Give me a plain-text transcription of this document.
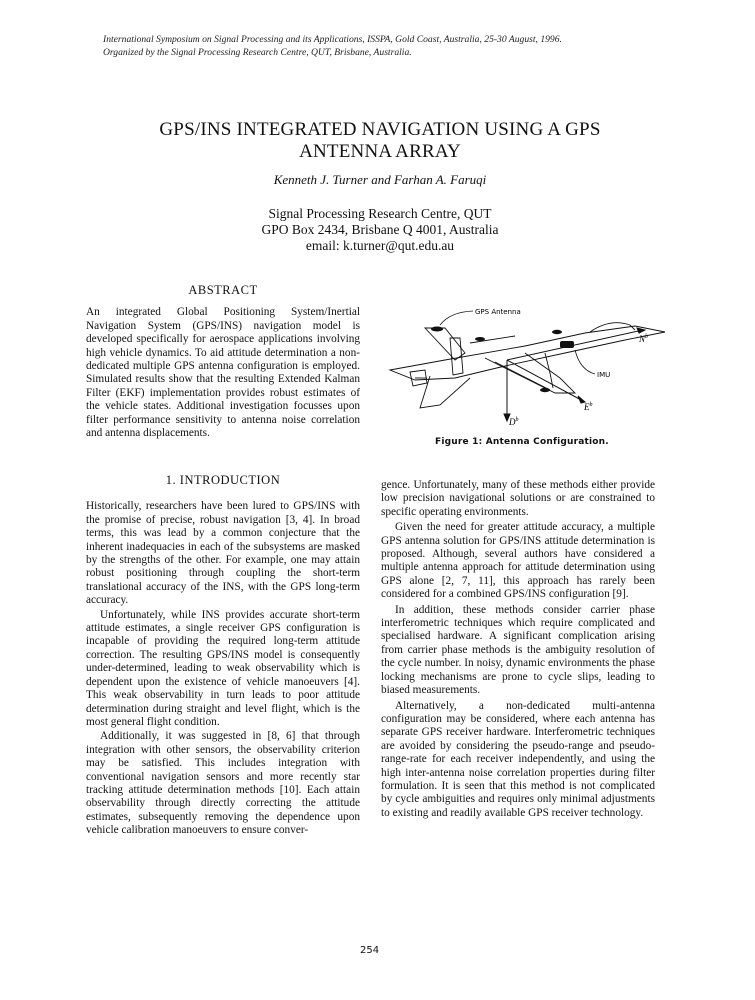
International Symposium on Signal Processing and its Applications, ISSPA, Gold Coast, Australia, 25-30 August, 1996.
Organized by the Signal Processing Research Centre, QUT, Brisbane, Australia.
GPS/INS INTEGRATED NAVIGATION USING A GPS
ANTENNA ARRAY
Kenneth J. Turner and Farhan A. Faruqi
Signal Processing Research Centre, QUT
GPO Box 2434, Brisbane Q 4001, Australia
email: k.turner@qut.edu.au
ABSTRACT

An integrated Global Positioning System/Inertial Navigation System (GPS/INS) navigation model is developed specifically for aerospace applications involving high vehicle dynamics. To aid attitude determination a non-dedicated multiple GPS antenna configuration is employed. Simulated results show that the resulting Extended Kalman Filter (EKF) implementation provides robust estimates of the vehicle states. Additional investigation focusses upon filter performance sensitivity to antenna noise correlation and antenna displacements.

GPS Antenna
IMU
$N^b$
$E^b$
$D^b$
Figure 1: Antenna Configuration.
1. INTRODUCTION

Historically, researchers have been lured to GPS/INS with the promise of precise, robust navigation [3, 4]. In broad terms, this was lead by a common conjecture that the inherent inadequacies in each of the subsystems are masked by the strengths of the other. For example, one may attain robust positioning through coupling the short-term translational accuracy of the INS, with the GPS long-term accuracy.

Unfortunately, while INS provides accurate short-term attitude estimates, a single receiver GPS configuration is incapable of providing the required long-term attitude correction. The resulting GPS/INS model is consequently under-determined, leading to weak observability which is dependent upon the existence of vehicle manoeuvers [4]. This weak observability in turn leads to poor attitude determination during straight and level flight, which is the most general flight condition.

Additionally, it was suggested in [8, 6] that through integration with other sensors, the observability criterion may be satisfied. This includes integration with conventional navigation sensors and more recently star tracking attitude determination methods [10]. Each attain observability through directly correcting the attitude estimates, subsequently removing the dependence upon vehicle calibration manoeuvers to ensure conver-

gence. Unfortunately, many of these methods either provide low precision navigational solutions or are constrained to specific operating environments.

Given the need for greater attitude accuracy, a multiple GPS antenna solution for GPS/INS attitude determination is proposed. Although, several authors have considered a multiple antenna approach for attitude determination using GPS alone [2, 7, 11], this approach has rarely been considered for a combined GPS/INS configuration [9].

In addition, these methods consider carrier phase interferometric techniques which require complicated and specialised hardware. A significant complication arising from carrier phase methods is the ambiguity resolution of the cycle number. In noisy, dynamic environments the phase locking mechanisms are prone to cycle slips, leading to biased measurements.

Alternatively, a non-dedicated multi-antenna configuration may be considered, where each antenna has separate GPS receiver hardware. Interferometric techniques are avoided by considering the pseudo-range and pseudo-range-rate for each receiver independently, and using the high inter-antenna noise correlation properties during filter formulation. It is seen that this method is not complicated by cycle ambiguities and requires only minimal adjustments to existing and readily available GPS receiver technology.

254
